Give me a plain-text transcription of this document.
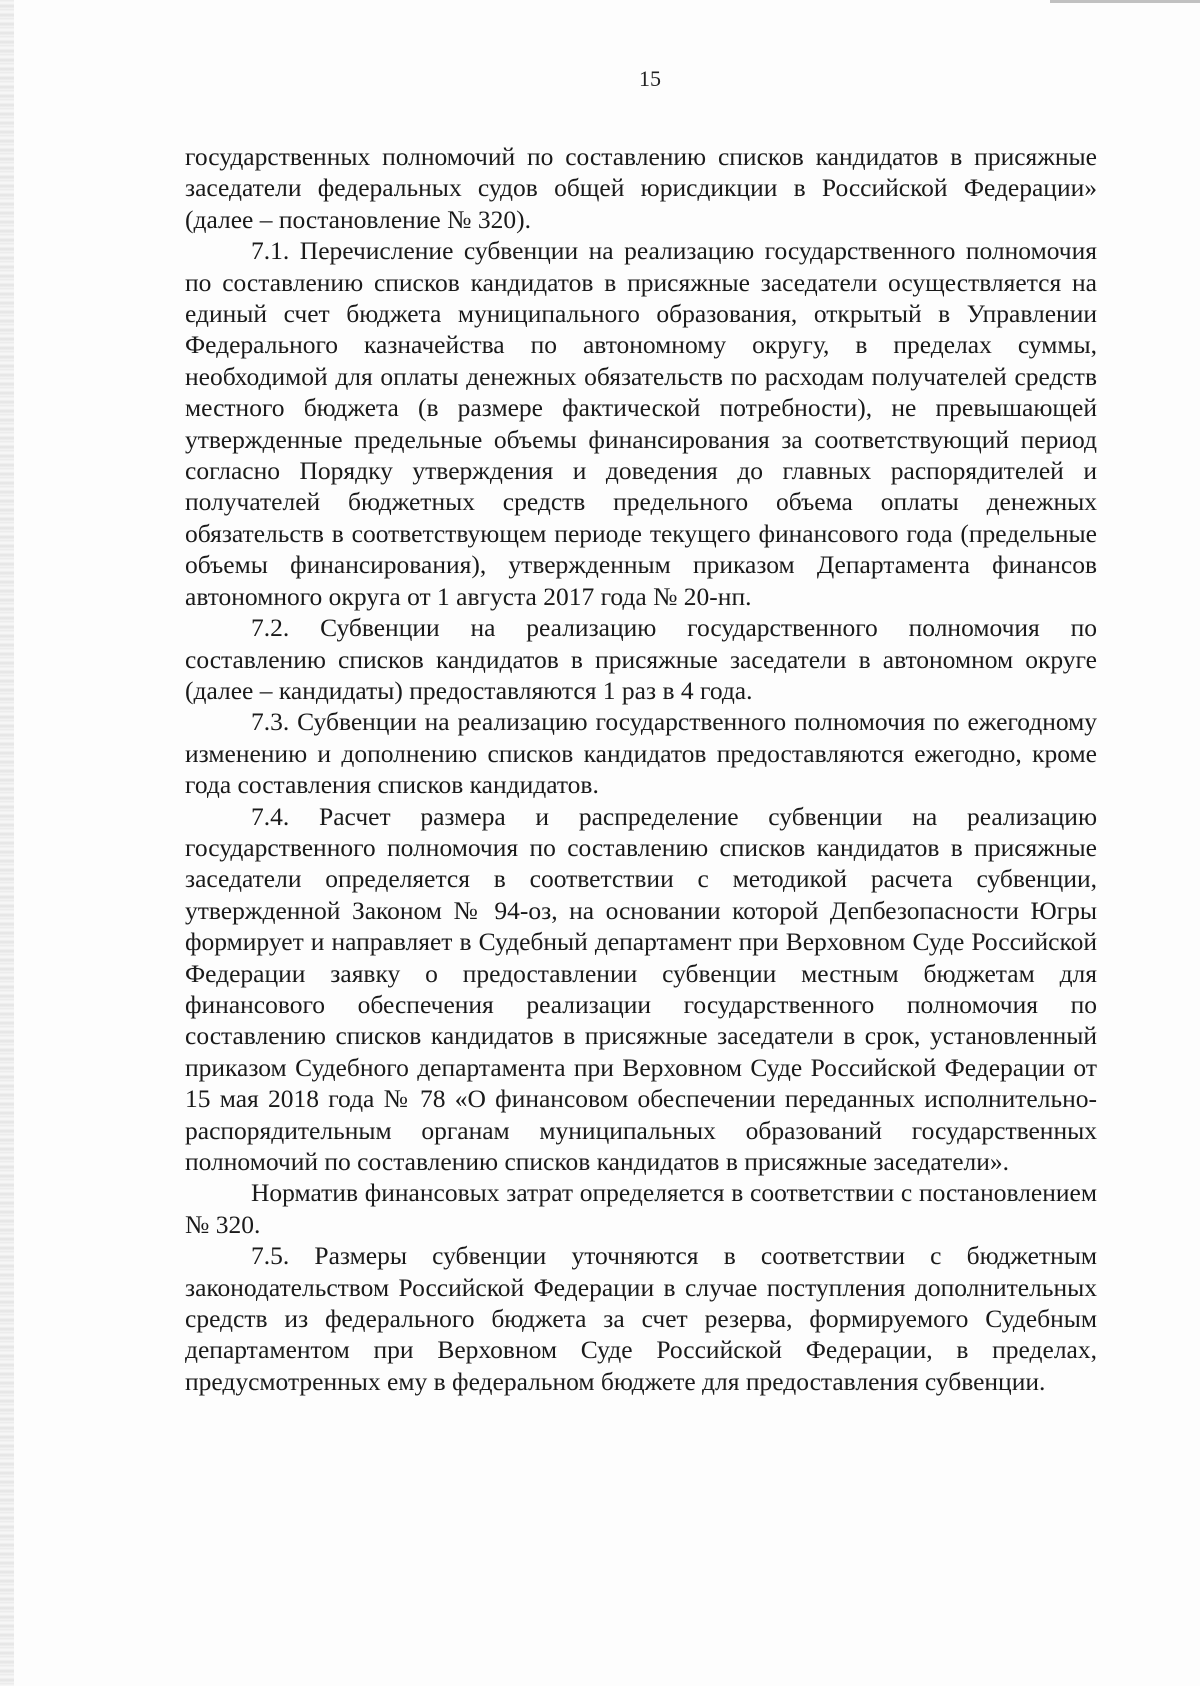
15

государственных полномочий по составлению списков кандидатов в присяжные заседатели федеральных судов общей юрисдикции в Российской Федерации» (далее – постановление № 320).

7.1. Перечисление субвенции на реализацию государственного полномочия по составлению списков кандидатов в присяжные заседатели осуществляется на единый счет бюджета муниципального образования, открытый в Управлении Федерального казначейства по автономному округу, в пределах суммы, необходимой для оплаты денежных обязательств по расходам получателей средств местного бюджета (в размере фактической потребности), не превышающей утвержденные предельные объемы финансирования за соответствующий период согласно Порядку утверждения и доведения до главных распорядителей и получателей бюджетных средств предельного объема оплаты денежных обязательств в соответствующем периоде текущего финансового года (предельные объемы финансирования), утвержденным приказом Департамента финансов автономного округа от 1 августа 2017 года № 20-нп.

7.2. Субвенции на реализацию государственного полномочия по составлению списков кандидатов в присяжные заседатели в автономном округе (далее – кандидаты) предоставляются 1 раз в 4 года.

7.3. Субвенции на реализацию государственного полномочия по ежегодному изменению и дополнению списков кандидатов предоставляются ежегодно, кроме года составления списков кандидатов.

7.4. Расчет размера и распределение субвенции на реализацию государственного полномочия по составлению списков кандидатов в присяжные заседатели определяется в соответствии с методикой расчета субвенции, утвержденной Законом № 94-оз, на основании которой Депбезопасности Югры формирует и направляет в Судебный департамент при Верховном Суде Российской Федерации заявку о предоставлении субвенции местным бюджетам для финансового обеспечения реализации государственного полномочия по составлению списков кандидатов в присяжные заседатели в срок, установленный приказом Судебного департамента при Верховном Суде Российской Федерации от 15 мая 2018 года № 78 «О финансовом обеспечении переданных исполнительно-распорядительным органам муниципальных образований государственных полномочий по составлению списков кандидатов в присяжные заседатели».

Норматив финансовых затрат определяется в соответствии с постановлением № 320.

7.5. Размеры субвенции уточняются в соответствии с бюджетным законодательством Российской Федерации в случае поступления дополнительных средств из федерального бюджета за счет резерва, формируемого Судебным департаментом при Верховном Суде Российской Федерации, в пределах, предусмотренных ему в федеральном бюджете для предоставления субвенции.
